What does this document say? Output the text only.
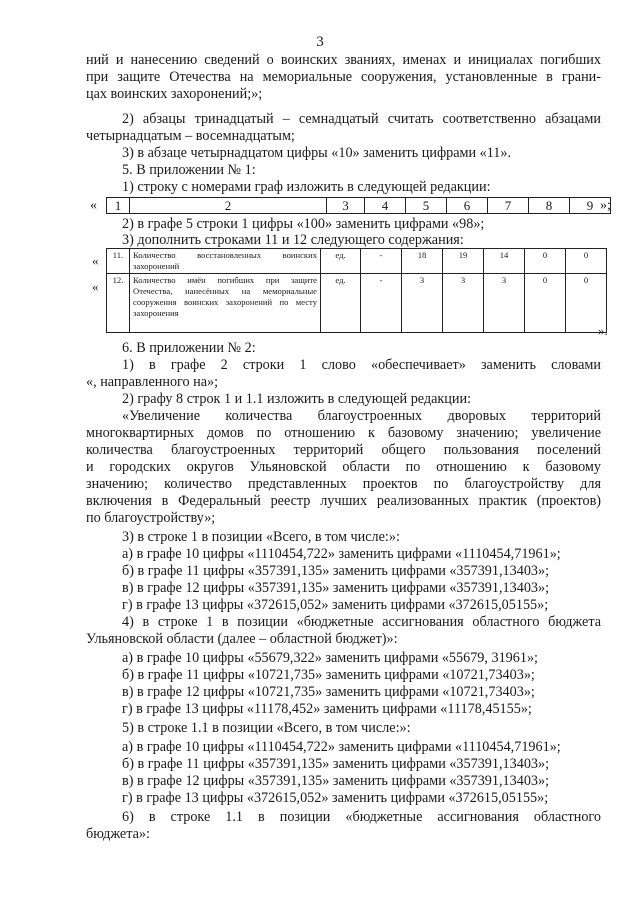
3
ний и нанесению сведений о воинских званиях, именах и инициалах погибших
при защите Отечества на мемориальные сооружения, установленные в грани-
цах воинских захоронений;»;
2) абзацы тринадцатый – семнадцатый считать соответственно абзацами
четырнадцатым – восемнадцатым;
3) в абзаце четырнадцатом цифры «10» заменить цифрами «11».
5. В приложении № 1:
1) строку с номерами граф изложить в следующей редакции:
« 1	2	3	4	5	6	7	8	9 »;
2) в графе 5 строки 1 цифры «100» заменить цифрами «98»;
3) дополнить строками 11 и 12 следующего содержания:
«
«
11.	Количество восстановленных воинских захоронений	ед.	-	18	19	14	0	0
12.	Количество имён погибших при защите Отечества, нанесённых на мемориальные сооружения воинских захоронений по месту захоронения	ед.	-	3	3	3	0	0
».
6. В приложении № 2:
1) в графе 2 строки 1 слово «обеспечивает» заменить словами
«, направленного на»;
2) графу 8 строк 1 и 1.1 изложить в следующей редакции:
«Увеличение количества благоустроенных дворовых территорий
многоквартирных домов по отношению к базовому значению; увеличение
количества благоустроенных территорий общего пользования поселений
и городских округов Ульяновской области по отношению к базовому
значению; количество представленных проектов по благоустройству для
включения в Федеральный реестр лучших реализованных практик (проектов)
по благоустройству»;
3) в строке 1 в позиции «Всего, в том числе:»:
а) в графе 10 цифры «1110454,722» заменить цифрами «1110454,71961»;
б) в графе 11 цифры «357391,135» заменить цифрами «357391,13403»;
в) в графе 12 цифры «357391,135» заменить цифрами «357391,13403»;
г) в графе 13 цифры «372615,052» заменить цифрами «372615,05155»;
4) в строке 1 в позиции «бюджетные ассигнования областного бюджета
Ульяновской области (далее – областной бюджет)»:
а) в графе 10 цифры «55679,322» заменить цифрами «55679, 31961»;
б) в графе 11 цифры «10721,735» заменить цифрами «10721,73403»;
в) в графе 12 цифры «10721,735» заменить цифрами «10721,73403»;
г) в графе 13 цифры «11178,452» заменить цифрами «11178,45155»;
5) в строке 1.1 в позиции «Всего, в том числе:»:
а) в графе 10 цифры «1110454,722» заменить цифрами «1110454,71961»;
б) в графе 11 цифры «357391,135» заменить цифрами «357391,13403»;
в) в графе 12 цифры «357391,135» заменить цифрами «357391,13403»;
г) в графе 13 цифры «372615,052» заменить цифрами «372615,05155»;
6) в строке 1.1 в позиции «бюджетные ассигнования областного
бюджета»:
